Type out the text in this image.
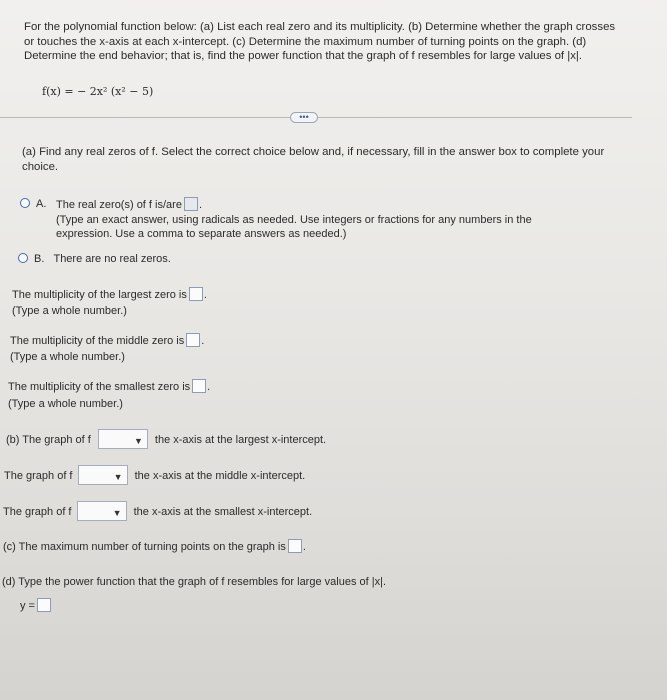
For the polynomial function below: (a) List each real zero and its multiplicity. (b) Determine whether the graph crosses or touches the x-axis at each x-intercept. (c) Determine the maximum number of turning points on the graph. (d) Determine the end behavior; that is, find the power function that the graph of f resembles for large values of |x|.
f(x) = − 2x² (x² − 5)
•••
(a) Find any real zeros of f. Select the correct choice below and, if necessary, fill in the answer box to complete your choice.
A. The real zero(s) of f is/are .
(Type an exact answer, using radicals as needed. Use integers or fractions for any numbers in the expression. Use a comma to separate answers as needed.)
B. There are no real zeros.
The multiplicity of the largest zero is .
(Type a whole number.)
The multiplicity of the middle zero is .
(Type a whole number.)
The multiplicity of the smallest zero is .
(Type a whole number.)
(b) The graph of f	▼ the x-axis at the largest x-intercept.
The graph of f	▼ the x-axis at the middle x-intercept.
The graph of f	▼ the x-axis at the smallest x-intercept.
(c) The maximum number of turning points on the graph is .
(d) Type the power function that the graph of f resembles for large values of |x|.
y =
